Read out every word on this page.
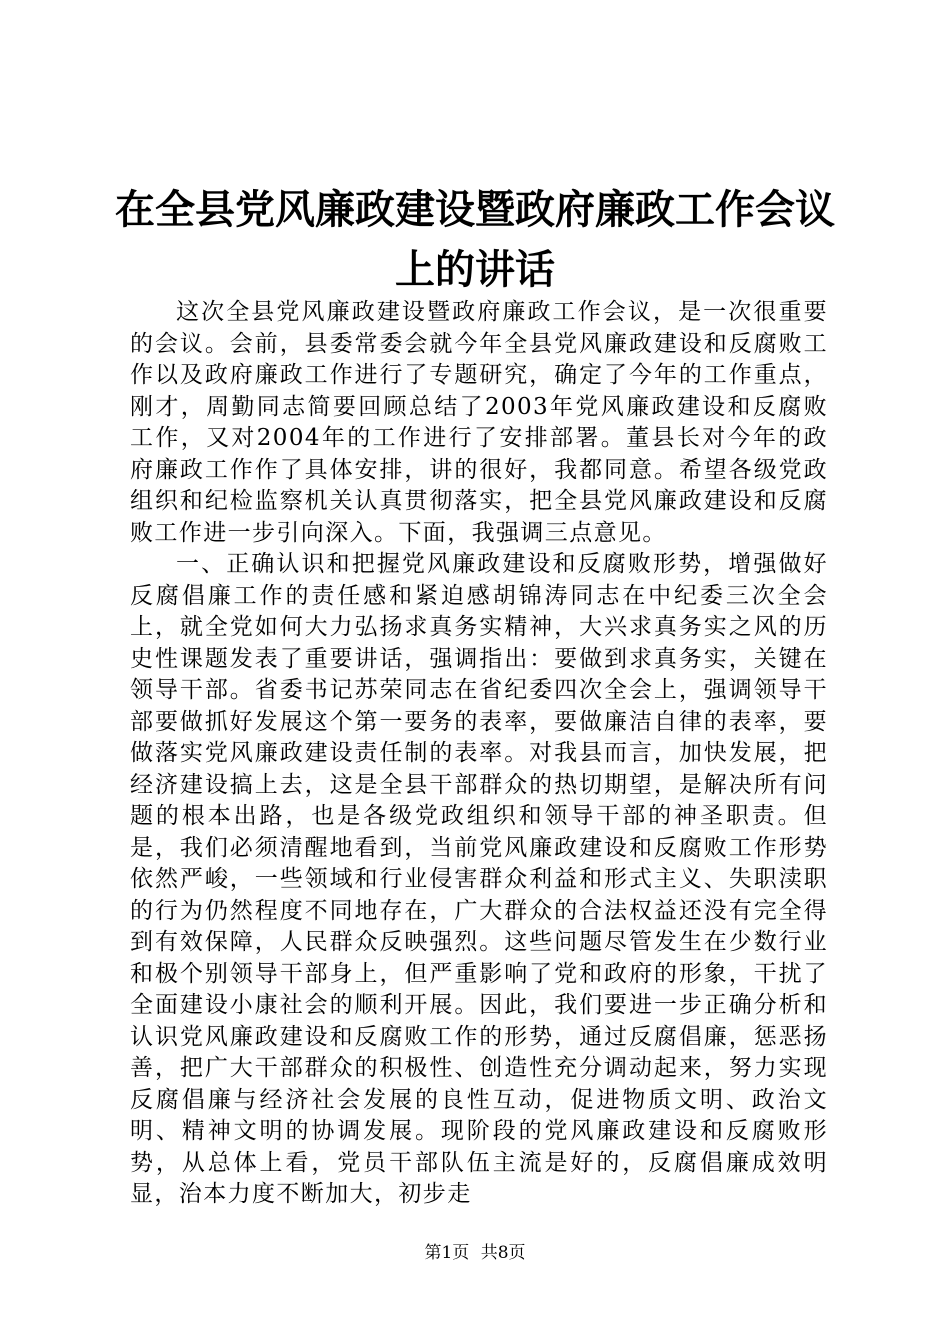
在全县党风廉政建设暨政府廉政工作会议上的讲话

这次全县党风廉政建设暨政府廉政工作会议，是一次很重要的会议。会前，县委常委会就今年全县党风廉政建设和反腐败工作以及政府廉政工作进行了专题研究，确定了今年的工作重点，刚才，周勤同志简要回顾总结了2003年党风廉政建设和反腐败工作，又对2004年的工作进行了安排部署。董县长对今年的政府廉政工作作了具体安排，讲的很好，我都同意。希望各级党政组织和纪检监察机关认真贯彻落实，把全县党风廉政建设和反腐败工作进一步引向深入。下面，我强调三点意见。

一、正确认识和把握党风廉政建设和反腐败形势，增强做好反腐倡廉工作的责任感和紧迫感胡锦涛同志在中纪委三次全会上，就全党如何大力弘扬求真务实精神，大兴求真务实之风的历史性课题发表了重要讲话，强调指出：要做到求真务实，关键在领导干部。省委书记苏荣同志在省纪委四次全会上，强调领导干部要做抓好发展这个第一要务的表率，要做廉洁自律的表率，要做落实党风廉政建设责任制的表率。对我县而言，加快发展，把经济建设搞上去，这是全县干部群众的热切期望，是解决所有问题的根本出路，也是各级党政组织和领导干部的神圣职责。但是，我们必须清醒地看到，当前党风廉政建设和反腐败工作形势依然严峻，一些领域和行业侵害群众利益和形式主义、失职渎职的行为仍然程度不同地存在，广大群众的合法权益还没有完全得到有效保障，人民群众反映强烈。这些问题尽管发生在少数行业和极个别领导干部身上，但严重影响了党和政府的形象，干扰了全面建设小康社会的顺利开展。因此，我们要进一步正确分析和认识党风廉政建设和反腐败工作的形势，通过反腐倡廉，惩恶扬善，把广大干部群众的积极性、创造性充分调动起来，努力实现反腐倡廉与经济社会发展的良性互动，促进物质文明、政治文明、精神文明的协调发展。现阶段的党风廉政建设和反腐败形势，从总体上看，党员干部队伍主流是好的，反腐倡廉成效明显，治本力度不断加大，初步走

第1页 共8页
